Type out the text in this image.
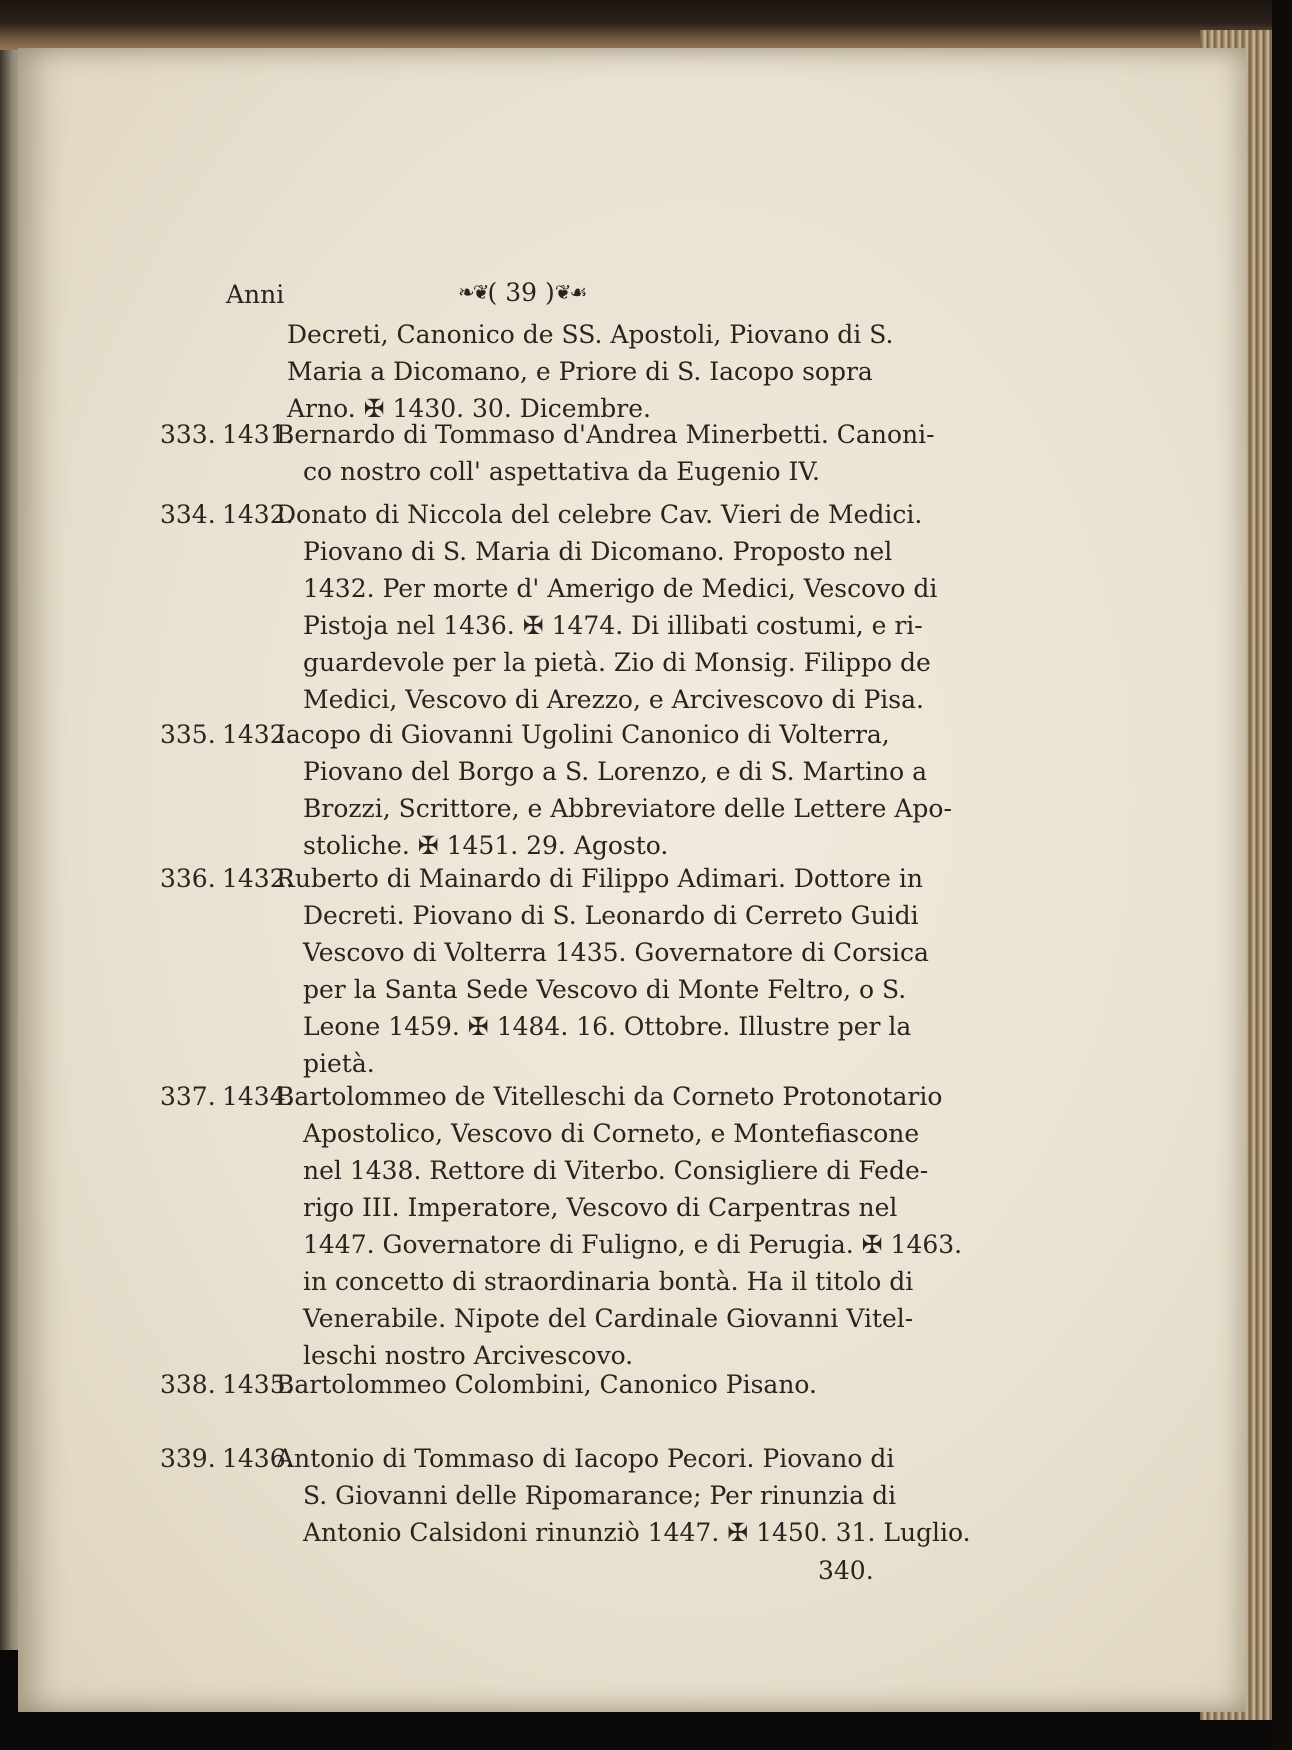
Anni	❧❦( 39 )❦☙
Decreti, Canonico de SS. Apostoli, Piovano di S.
Maria a Dicomano, e Priore di S. Iacopo sopra
Arno. ✠ 1430. 30. Dicembre.
333. 1431.
Bernardo di Tommaso d'Andrea Minerbetti. Canoni-
co nostro coll' aspettativa da Eugenio IV.
334. 1432.
Donato di Niccola del celebre Cav. Vieri de Medici.
Piovano di S. Maria di Dicomano. Proposto nel
1432. Per morte d' Amerigo de Medici, Vescovo di
Pistoja nel 1436. ✠ 1474. Di illibati costumi, e ri-
guardevole per la pietà. Zio di Monsig. Filippo de
Medici, Vescovo di Arezzo, e Arcivescovo di Pisa.
335. 1432.
Iacopo di Giovanni Ugolini Canonico di Volterra,
Piovano del Borgo a S. Lorenzo, e di S. Martino a
Brozzi, Scrittore, e Abbreviatore delle Lettere Apo-
stoliche. ✠ 1451. 29. Agosto.
336. 1432.
Ruberto di Mainardo di Filippo Adimari. Dottore in
Decreti. Piovano di S. Leonardo di Cerreto Guidi
Vescovo di Volterra 1435. Governatore di Corsica
per la Santa Sede Vescovo di Monte Feltro, o S.
Leone 1459. ✠ 1484. 16. Ottobre. Illustre per la
pietà.
337. 1434.
Bartolommeo de Vitelleschi da Corneto Protonotario
Apostolico, Vescovo di Corneto, e Montefiascone
nel 1438. Rettore di Viterbo. Consigliere di Fede-
rigo III. Imperatore, Vescovo di Carpentras nel
1447. Governatore di Fuligno, e di Perugia. ✠ 1463.
in concetto di straordinaria bontà. Ha il titolo di
Venerabile. Nipote del Cardinale Giovanni Vitel-
leschi nostro Arcivescovo.
338. 1435.
Bartolommeo Colombini, Canonico Pisano.
339. 1436.
Antonio di Tommaso di Iacopo Pecori. Piovano di
S. Giovanni delle Ripomarance; Per rinunzia di
Antonio Calsidoni rinunziò 1447. ✠ 1450. 31. Luglio.
340.
